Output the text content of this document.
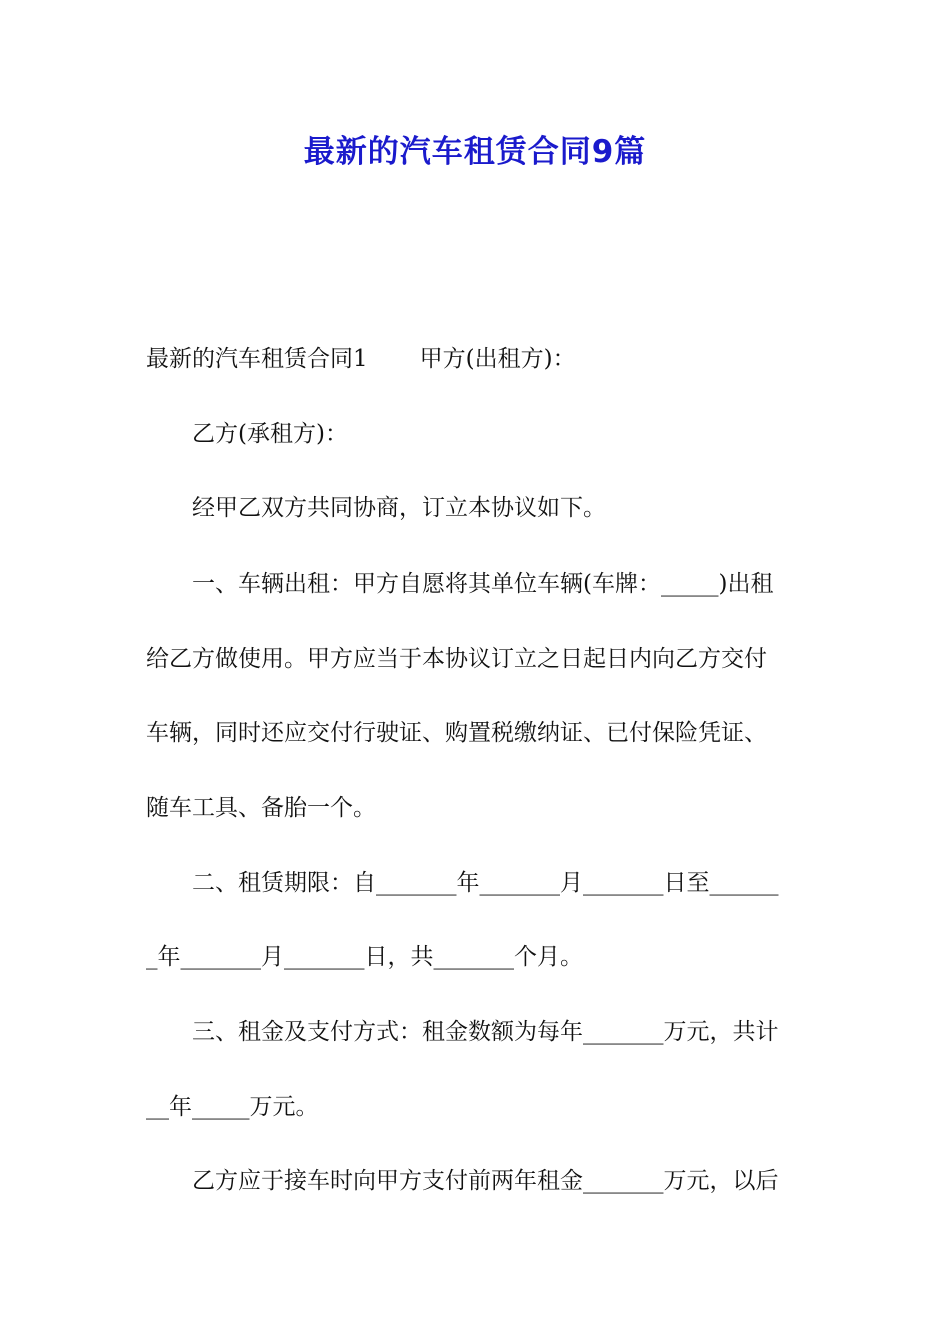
最新的汽车租赁合同9篇

最新的汽车租赁合同1 甲方(出租方)：

乙方(承租方)：

经甲乙双方共同协商，订立本协议如下。

一、车辆出租：甲方自愿将其单位车辆(车牌：_____)出租

给乙方做使用。甲方应当于本协议订立之日起日内向乙方交付

车辆，同时还应交付行驶证、购置税缴纳证、已付保险凭证、

随车工具、备胎一个。

二、租赁期限：自_______年_______月_______日至______

_年_______月_______日，共_______个月。

三、租金及支付方式：租金数额为每年_______万元，共计

__年_____万元。

乙方应于接车时向甲方支付前两年租金_______万元，以后
